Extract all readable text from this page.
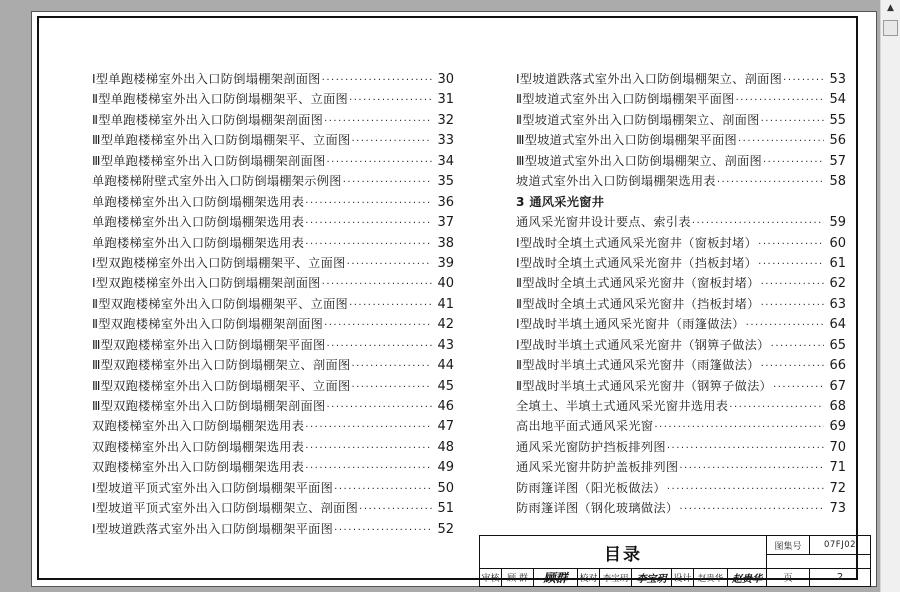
▲
Ⅰ型单跑楼梯室外出入口防倒塌棚架剖面图 ·····	30
Ⅱ型单跑楼梯室外出入口防倒塌棚架平、立面图 ·····	31
Ⅱ型单跑楼梯室外出入口防倒塌棚架剖面图 ·····	32
Ⅲ型单跑楼梯室外出入口防倒塌棚架平、立面图 ·····	33
Ⅲ型单跑楼梯室外出入口防倒塌棚架剖面图 ·····	34
单跑楼梯附壁式室外出入口防倒塌棚架示例图 ·····	35
单跑楼梯室外出入口防倒塌棚架选用表 ·····	36
单跑楼梯室外出入口防倒塌棚架选用表 ·····	37
单跑楼梯室外出入口防倒塌棚架选用表 ·····	38
Ⅰ型双跑楼梯室外出入口防倒塌棚架平、立面图 ·····	39
Ⅰ型双跑楼梯室外出入口防倒塌棚架剖面图 ·····	40
Ⅱ型双跑楼梯室外出入口防倒塌棚架平、立面图 ·····	41
Ⅱ型双跑楼梯室外出入口防倒塌棚架剖面图 ·····	42
Ⅲ型双跑楼梯室外出入口防倒塌棚架平面图 ·····	43
Ⅲ型双跑楼梯室外出入口防倒塌棚架立、剖面图 ·····	44
Ⅲ型双跑楼梯室外出入口防倒塌棚架平、立面图 ·····	45
Ⅲ型双跑楼梯室外出入口防倒塌棚架剖面图 ·····	46
双跑楼梯室外出入口防倒塌棚架选用表 ·····	47
双跑楼梯室外出入口防倒塌棚架选用表 ·····	48
双跑楼梯室外出入口防倒塌棚架选用表 ·····	49
Ⅰ型坡道平顶式室外出入口防倒塌棚架平面图 ·····	50
Ⅰ型坡道平顶式室外出入口防倒塌棚架立、剖面图 ·····	51
Ⅰ型坡道跌落式室外出入口防倒塌棚架平面图 ·····	52
Ⅰ型坡道跌落式室外出入口防倒塌棚架立、剖面图 ·····	53
Ⅱ型坡道式室外出入口防倒塌棚架平面图 ·····	54
Ⅱ型坡道式室外出入口防倒塌棚架立、剖面图 ·····	55
Ⅲ型坡道式室外出入口防倒塌棚架平面图 ·····	56
Ⅲ型坡道式室外出入口防倒塌棚架立、剖面图 ·····	57
坡道式室外出入口防倒塌棚架选用表 ·····	58
3 通风采光窗井
通风采光窗井设计要点、索引表 ·····	59
Ⅰ型战时全填土式通风采光窗井（窗板封堵） ·····	60
Ⅰ型战时全填土式通风采光窗井（挡板封堵） ·····	61
Ⅱ型战时全填土式通风采光窗井（窗板封堵） ·····	62
Ⅱ型战时全填土式通风采光窗井（挡板封堵） ·····	63
Ⅰ型战时半填土通风采光窗井（雨篷做法） ·····	64
Ⅰ型战时半填土式通风采光窗井（钢箅子做法） ·····	65
Ⅱ型战时半填土式通风采光窗井（雨篷做法） ·····	66
Ⅱ型战时半填土式通风采光窗井（钢箅子做法） ·····	67
全填土、半填土式通风采光窗井选用表 ·····	68
高出地平面式通风采光窗 ·····	69
通风采光窗防护挡板排列图 ·····	70
通风采光窗井防护盖板排列图 ·····	71
防雨篷详图（阳光板做法） ·····	72
防雨篷详图（钢化玻璃做法） ·····	73
目录	图集号	07FJ02
审核 顾 群	顾群	校对 李宝玥 李宝玥 设计 赵贵华 赵贵华	页	2
